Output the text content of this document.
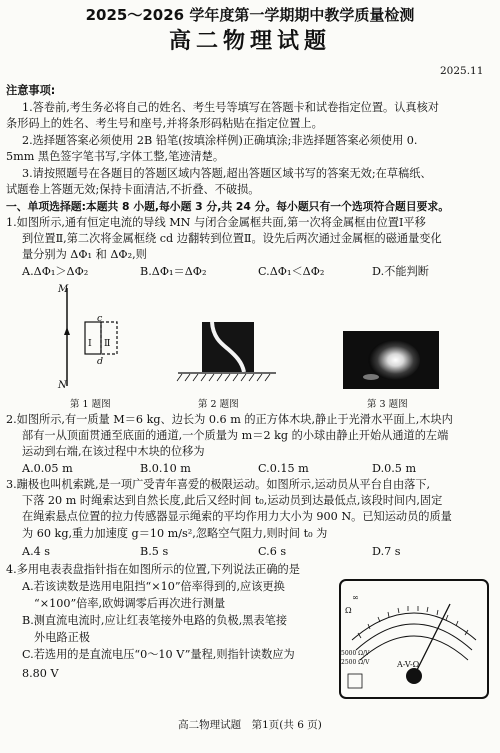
2025～2026 学年度第一学期期中教学质量检测
高二物理试题
2025.11
注意事项:
1.答卷前,考生务必将自己的姓名、考生号等填写在答题卡和试卷指定位置。认真核对
条形码上的姓名、考生号和座号,并将条形码粘贴在指定位置上。
2.选择题答案必须使用 2B 铅笔(按填涂样例)正确填涂;非选择题答案必须使用 0.
5mm 黑色签字笔书写,字体工整,笔迹清楚。
3.请按照题号在各题目的答题区域内答题,超出答题区域书写的答案无效;在草稿纸、
试题卷上答题无效;保持卡面清洁,不折叠、不破损。
一、单项选择题:本题共 8 小题,每小题 3 分,共 24 分。每小题只有一个选项符合题目要求。
1.如图所示,通有恒定电流的导线 MN 与闭合金属框共面,第一次将金属框由位置Ⅰ平移
到位置Ⅱ,第二次将金属框绕 cd 边翻转到位置Ⅱ。设先后两次通过金属框的磁通量变化
量分别为 ΔΦ₁ 和 ΔΦ₂,则
A.ΔΦ₁＞ΔΦ₂	B.ΔΦ₁＝ΔΦ₂	C.ΔΦ₁＜ΔΦ₂	D.不能判断
M
N
c
d
Ⅰ Ⅱ
第 1 题图	第 2 题图	第 3 题图
2.如图所示,有一质量 M＝6 kg、边长为 0.6 m 的正方体木块,静止于光滑水平面上,木块内
部有一从顶面贯通至底面的通道,一个质量为 m＝2 kg 的小球由静止开始从通道的左端
运动到右端,在该过程中木块的位移为
A.0.05 m	B.0.10 m	C.0.15 m	D.0.5 m
3.蹦极也叫机索跳,是一项广受青年喜爱的极限运动。如图所示,运动员从平台自由落下,
下落 20 m 时绳索达到自然长度,此后又经时间 t₀,运动员到达最低点,该段时间内,固定
在绳索悬点位置的拉力传感器显示绳索的平均作用力大小为 900 N。已知运动员的质量
为 60 kg,重力加速度 g＝10 m/s²,忽略空气阻力,则时间 t₀ 为
A.4 s	B.5 s	C.6 s	D.7 s
4.多用电表表盘指针指在如图所示的位置,下列说法正确的是
A.若该读数是选用电阻挡“×10”倍率得到的,应该更换
“×100”倍率,欧姆调零后再次进行测量
B.测直流电流时,应让红表笔接外电路的负极,黑表笔接
外电路正极
C.若选用的是直流电压“0～10 V”量程,则指针读数应为
8.80 V
∞
Ω
A-V-Ω
5000 Ω/V
2500 Ω/V
高二物理试题　第1页(共 6 页)
